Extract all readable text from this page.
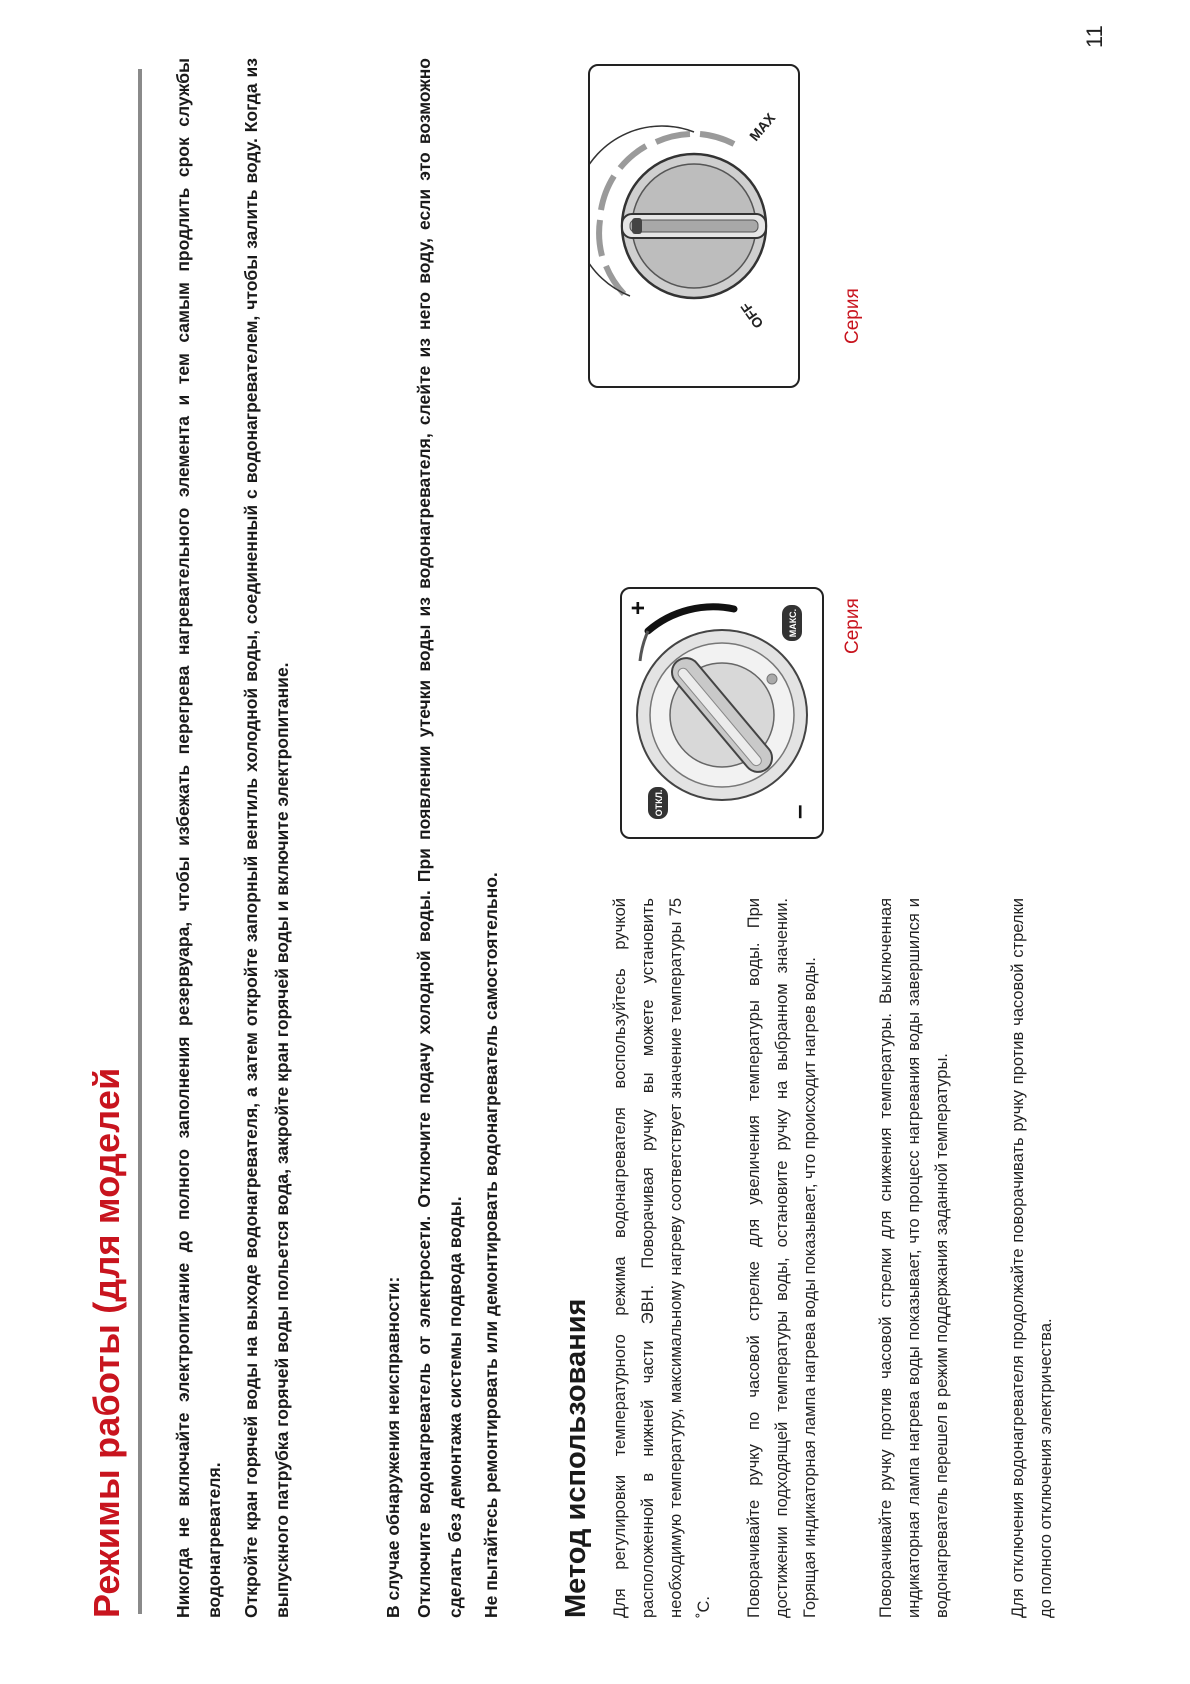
Режимы работы (для моделей	Никогда не включайте электропитание до полного заполнения резервуара, чтобы избежать перегрева нагревательного элемента и тем самым продлить срок службы водонагревателя. Откройте кран горячей воды на выходе водонагревателя, а затем откройте запорный вентиль холодной воды, соединенный с водонагревателем, чтобы залить воду. Когда из выпускного патрубка горячей воды польется вода, закройте кран горячей воды и включите электропитание.	В случае обнаружения неисправности: Отключите водонагреватель от электросети. Отключите подачу холодной воды. При появлении утечки воды из водонагревателя, слейте из него воду, если это возможно сделать без демонтажа системы подвода воды. Не пытайтесь ремонтировать или демонтировать водонагреватель самостоятельно. Метод использования	Для регулировки температурного режима водонагревателя воспользуйтесь ручкой расположенной в нижней части ЭВН. Поворачивая ручку вы можете установить необходимую температуру, максимальному нагреву соответствует значение температуры 75 ˚С.	Поворачивайте ручку по часовой стрелке для увеличения температуры воды. При достижении подходящей температуры воды, остановите ручку на выбранном значении. Горящая индикаторная лампа нагрева воды показывает, что происходит нагрев воды.	Поворачивайте ручку против часовой стрелки для снижения температуры. Выключенная индикаторная лампа нагрева воды показывает, что процесс нагревания воды завершился и водонагреватель перешел в режим поддержания заданной температуры.	Для отключения водонагревателя продолжайте поворачивать ручку против часовой стрелки до полного отключения электричества.

–
+
ОТКЛ.
МАКС. Серия
OFF
MAX
Серия
11
